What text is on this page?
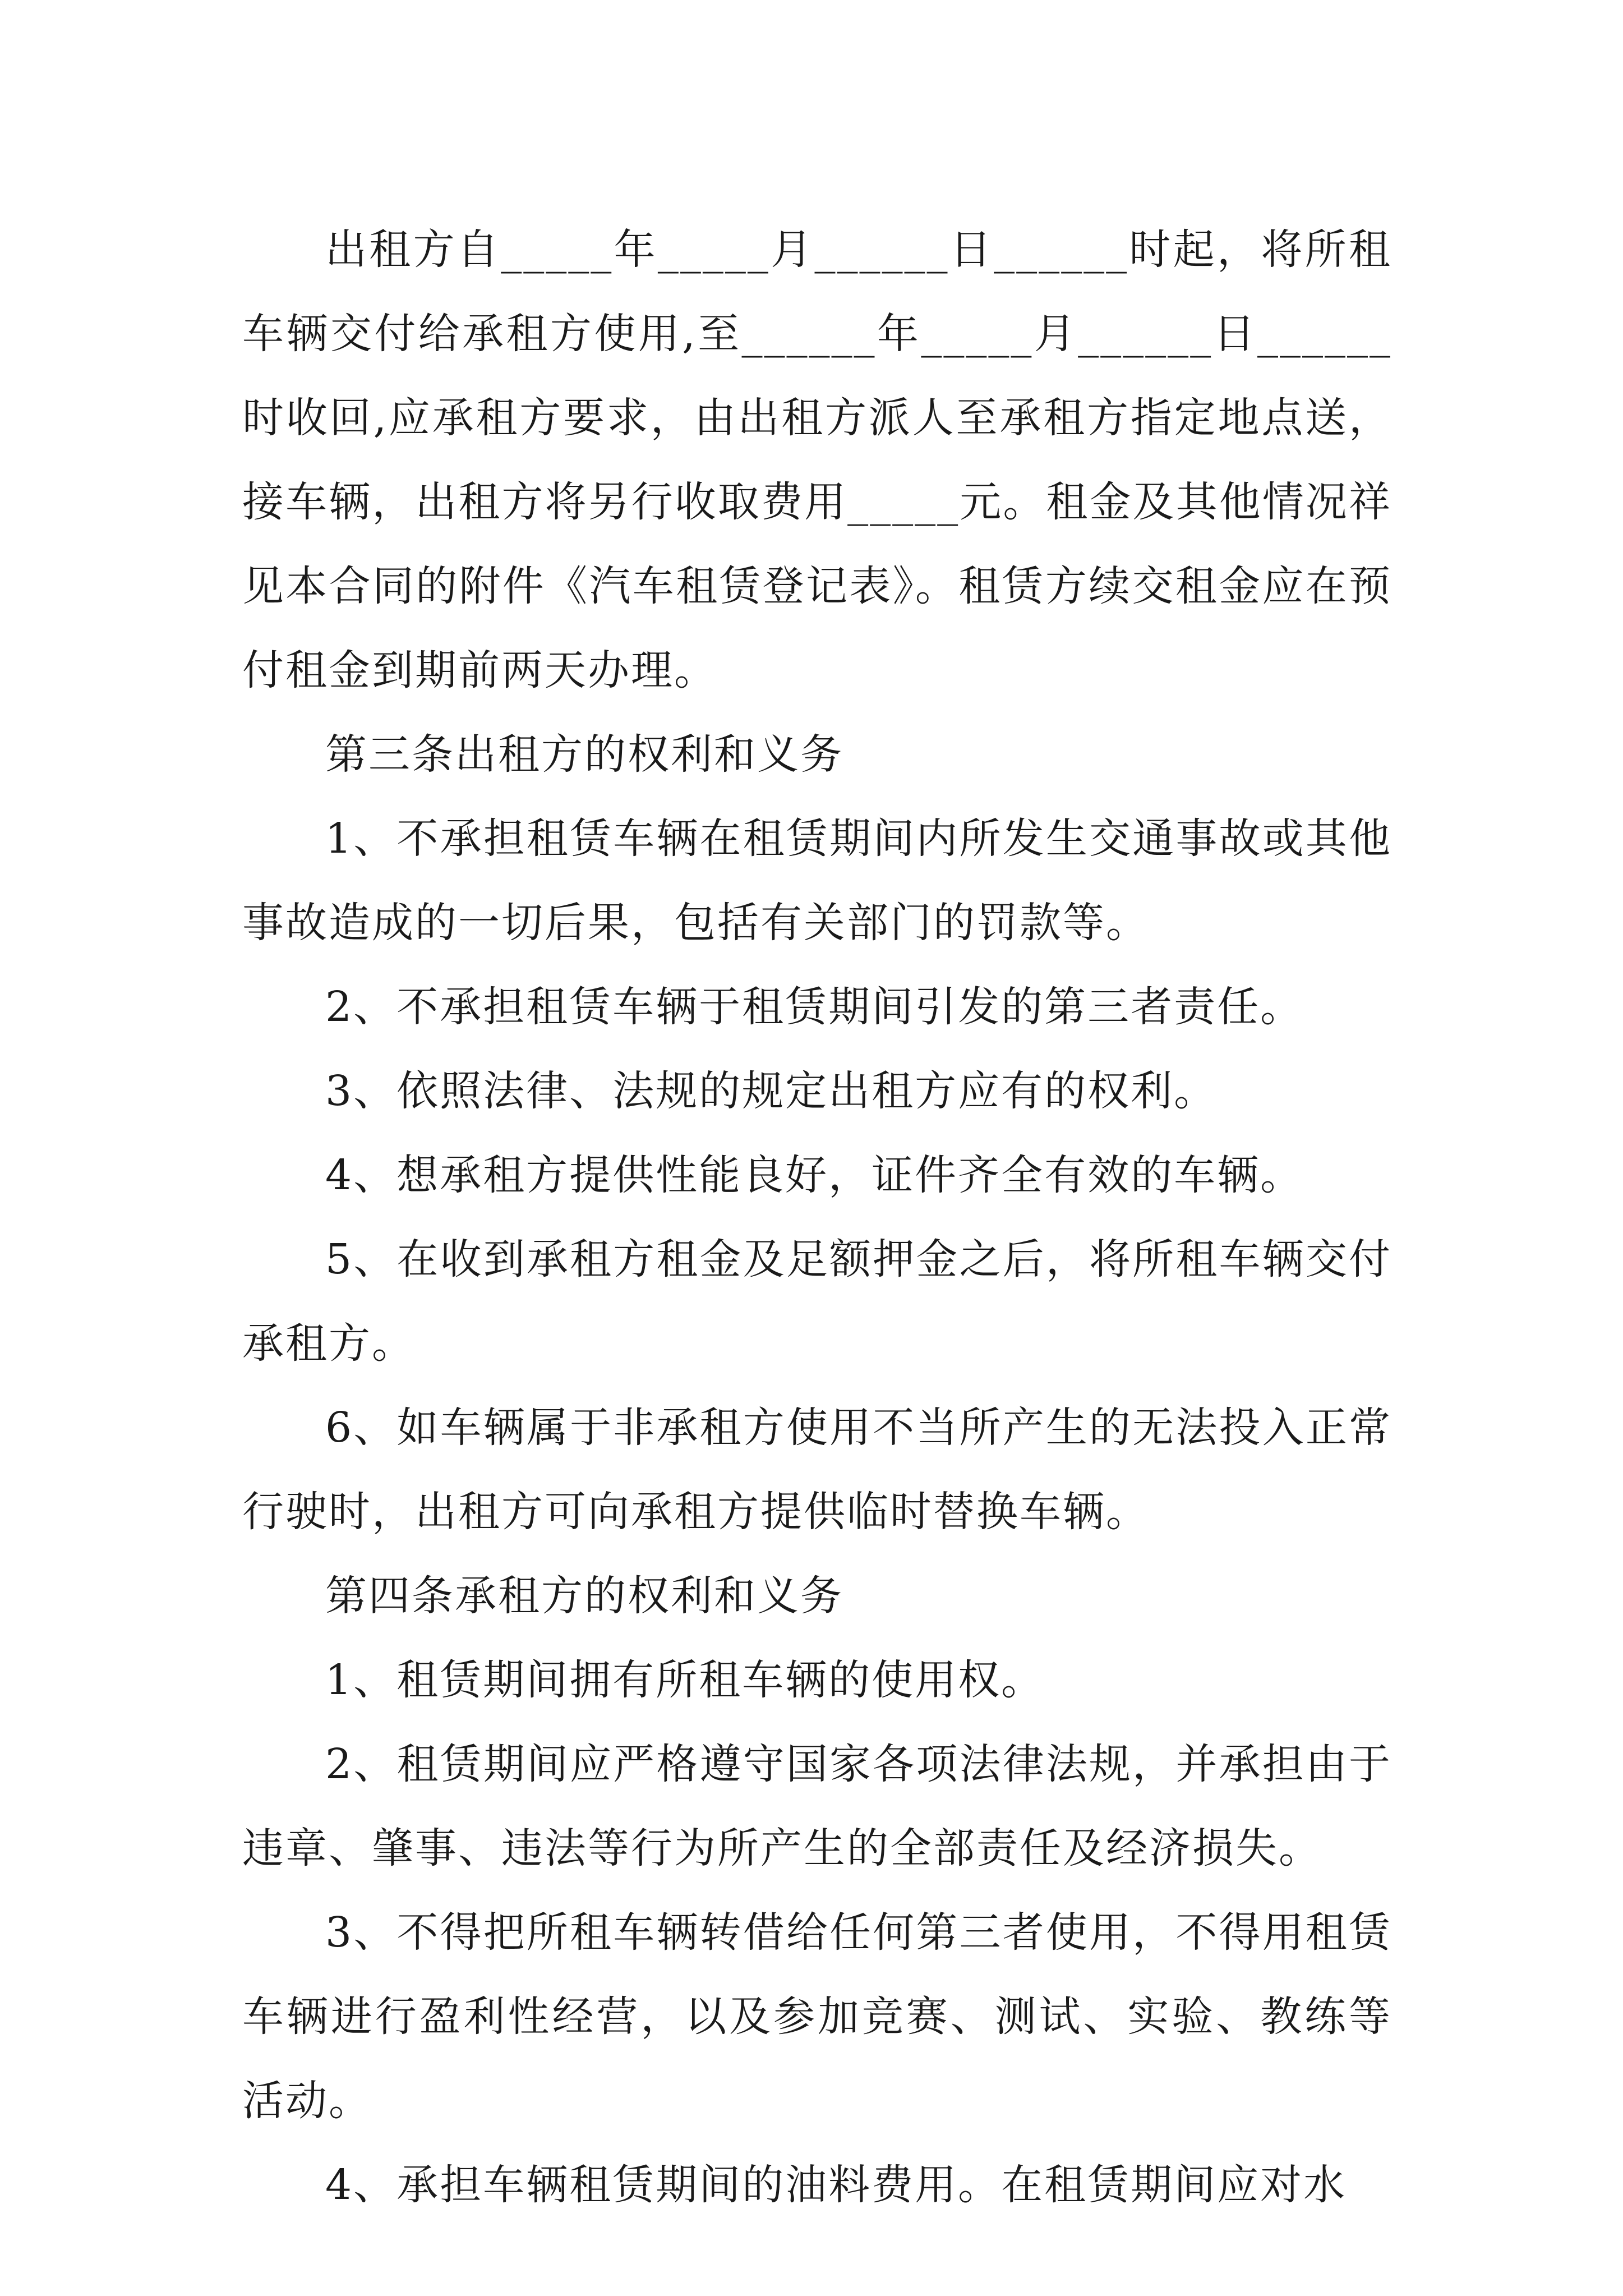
出租方自_____年_____月______日______时起，将所租车辆交付给承租方使用,至______年_____月______日______时收回,应承租方要求，由出租方派人至承租方指定地点送，接车辆，出租方将另行收取费用_____元。租金及其他情况祥见本合同的附件《汽车租赁登记表》。租赁方续交租金应在预付租金到期前两天办理。

第三条出租方的权利和义务

1、不承担租赁车辆在租赁期间内所发生交通事故或其他事故造成的一切后果，包括有关部门的罚款等。

2、不承担租赁车辆于租赁期间引发的第三者责任。

3、依照法律、法规的规定出租方应有的权利。

4、想承租方提供性能良好，证件齐全有效的车辆。

5、在收到承租方租金及足额押金之后，将所租车辆交付承租方。

6、如车辆属于非承租方使用不当所产生的无法投入正常行驶时，出租方可向承租方提供临时替换车辆。

第四条承租方的权利和义务

1、租赁期间拥有所租车辆的使用权。

2、租赁期间应严格遵守国家各项法律法规，并承担由于违章、肇事、违法等行为所产生的全部责任及经济损失。

3、不得把所租车辆转借给任何第三者使用，不得用租赁车辆进行盈利性经营，以及参加竞赛、测试、实验、教练等活动。

4、承担车辆租赁期间的油料费用。在租赁期间应对水
